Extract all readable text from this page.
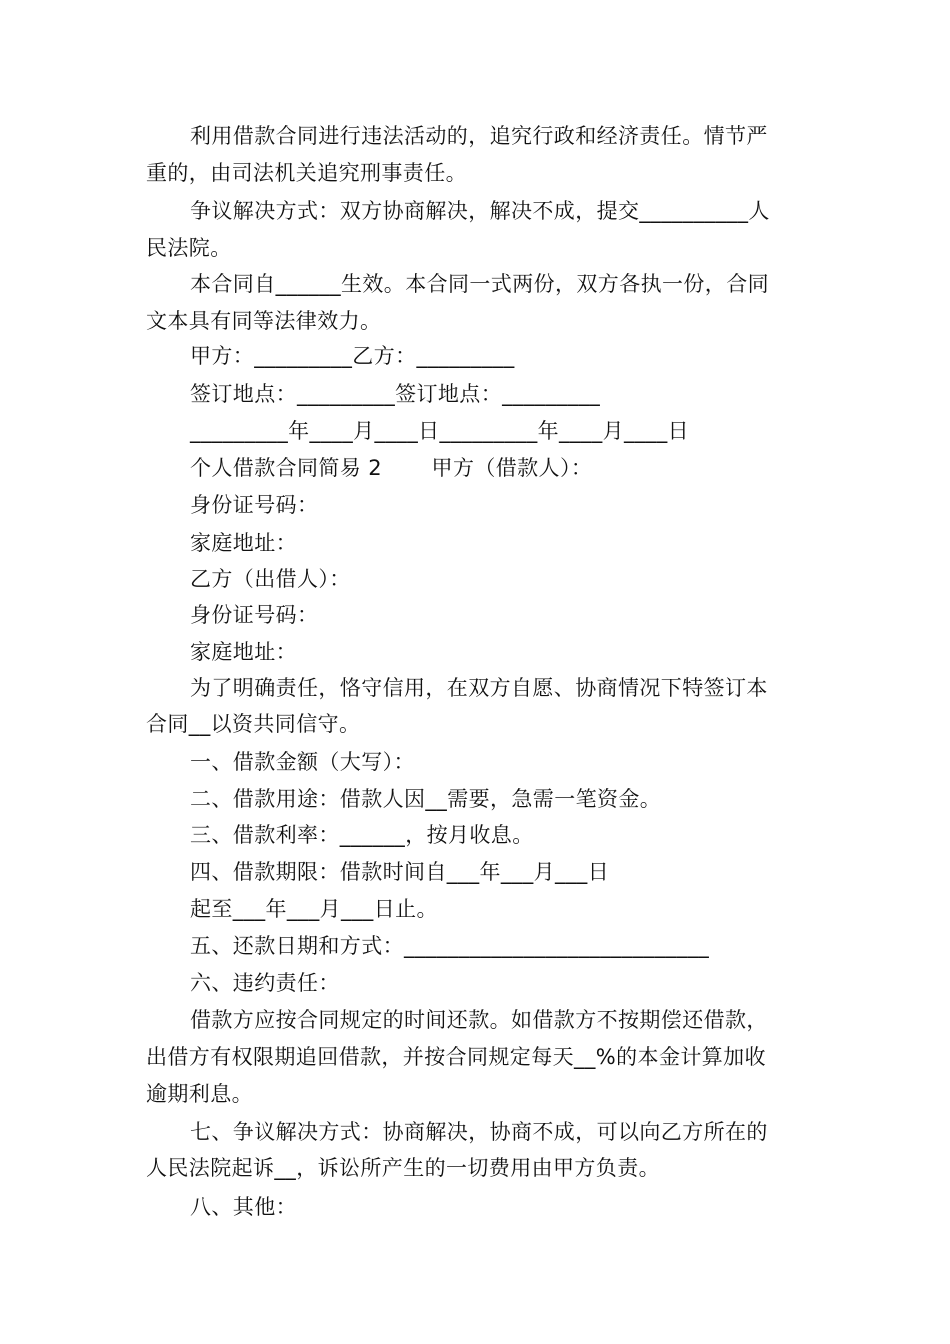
利用借款合同进行违法活动的，追究行政和经济责任。情节严
重的，由司法机关追究刑事责任。
争议解决方式：双方协商解决，解决不成，提交__________人
民法院。
本合同自______生效。本合同一式两份，双方各执一份，合同
文本具有同等法律效力。
甲方：_________乙方：_________
签订地点：_________签订地点：_________
_________年____月____日_________年____月____日
个人借款合同简易 2       甲方（借款人）：
身份证号码：
家庭地址：
乙方（出借人）：
身份证号码：
家庭地址：
为了明确责任，恪守信用，在双方自愿、协商情况下特签订本
合同__以资共同信守。
一、借款金额（大写）：
二、借款用途：借款人因__需要，急需一笔资金。
三、借款利率：______，按月收息。
四、借款期限：借款时间自___年___月___日
起至___年___月___日止。
五、还款日期和方式：____________________________
六、违约责任：
借款方应按合同规定的时间还款。如借款方不按期偿还借款，
出借方有权限期追回借款，并按合同规定每天__%的本金计算加收
逾期利息。
七、争议解决方式：协商解决，协商不成，可以向乙方所在的
人民法院起诉__，诉讼所产生的一切费用由甲方负责。
八、其他：
